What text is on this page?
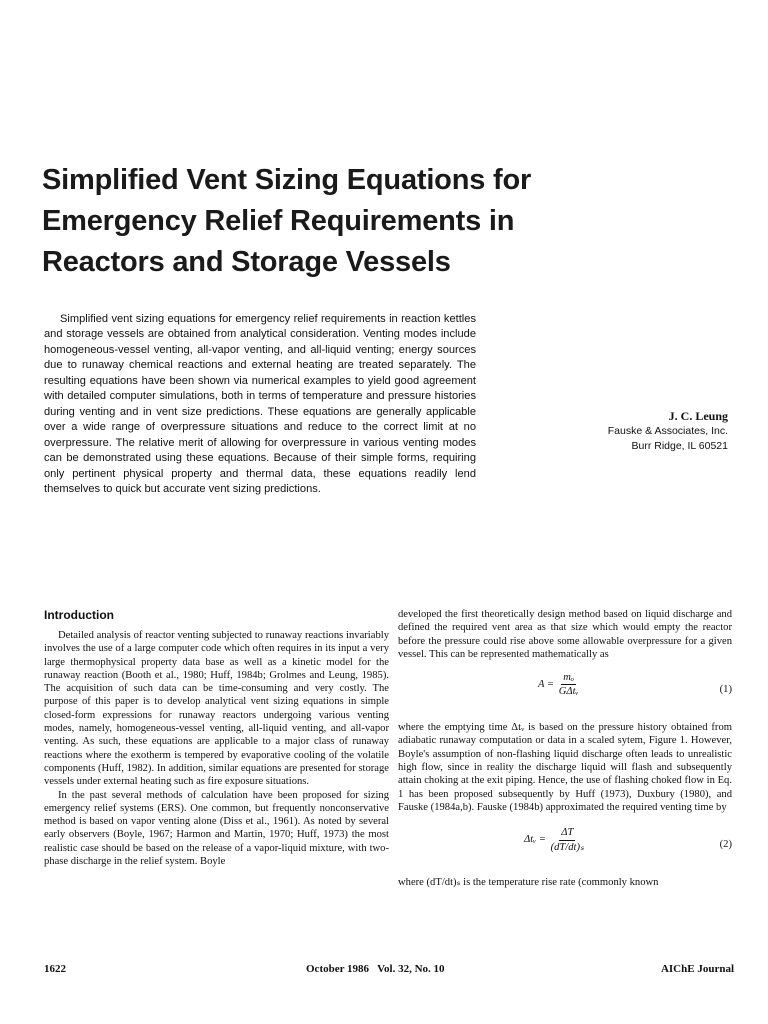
Simplified Vent Sizing Equations for
Emergency Relief Requirements in
Reactors and Storage Vessels
Simplified vent sizing equations for emergency relief requirements in reaction kettles and storage vessels are obtained from analytical consideration. Venting modes include homogeneous-vessel venting, all-vapor venting, and all-liquid venting; energy sources due to runaway chemical reactions and external heating are treated separately. The resulting equations have been shown via numerical examples to yield good agreement with detailed computer simulations, both in terms of temperature and pressure histories during venting and in vent size predictions. These equations are generally applicable over a wide range of overpressure situations and reduce to the correct limit at no overpressure. The relative merit of allowing for overpressure in various venting modes can be demonstrated using these equations. Because of their simple forms, requiring only pertinent physical property and thermal data, these equations readily lend themselves to quick but accurate vent sizing predictions.
J. C. Leung
Fauske & Associates, Inc.
Burr Ridge, IL 60521
Introduction

Detailed analysis of reactor venting subjected to runaway reactions invariably involves the use of a large computer code which often requires in its input a very large thermophysical property data base as well as a kinetic model for the runaway reaction (Booth et al., 1980; Huff, 1984b; Grolmes and Leung, 1985). The acquisition of such data can be time-consuming and very costly. The purpose of this paper is to develop analytical vent sizing equations in simple closed-form expressions for runaway reactors undergoing various venting modes, namely, homogeneous-vessel venting, all-liquid venting, and all-vapor venting. As such, these equations are applicable to a major class of runaway reactions where the exotherm is tempered by evaporative cooling of the volatile components (Huff, 1982). In addition, similar equations are presented for storage vessels under external heating such as fire exposure situations.

In the past several methods of calculation have been proposed for sizing emergency relief systems (ERS). One common, but frequently nonconservative method is based on vapor venting alone (Diss et al., 1961). As noted by several early observers (Boyle, 1967; Harmon and Martin, 1970; Huff, 1973) the most realistic case should be based on the release of a vapor-liquid mixture, with two-phase discharge in the relief system. Boyle

developed the first theoretically design method based on liquid discharge and defined the required vent area as that size which would empty the reactor before the pressure could rise above some allowable overpressure for a given vessel. This can be represented mathematically as

$A = \frac{\text{mₒ}}{\text{GΔtᵥ}}$	(1)

where the emptying time Δtᵥ is based on the pressure history obtained from adiabatic runaway computation or data in a scaled sytem, Figure 1. However, Boyle's assumption of non-flashing liquid discharge often leads to unrealistic high flow, since in reality the discharge liquid will flash and subsequently attain choking at the exit piping. Hence, the use of flashing choked flow in Eq. 1 has been proposed subsequently by Huff (1973), Duxbury (1980), and Fauske (1984a,b). Fauske (1984b) approximated the required venting time by

Δtᵥ = $\frac{\Delta T}{\text{(dT/dt)ₛ}}$	(2)

where (dT/dt)ₛ is the temperature rise rate (commonly known

1622	October 1986   Vol. 32, No. 10	AIChE Journal
